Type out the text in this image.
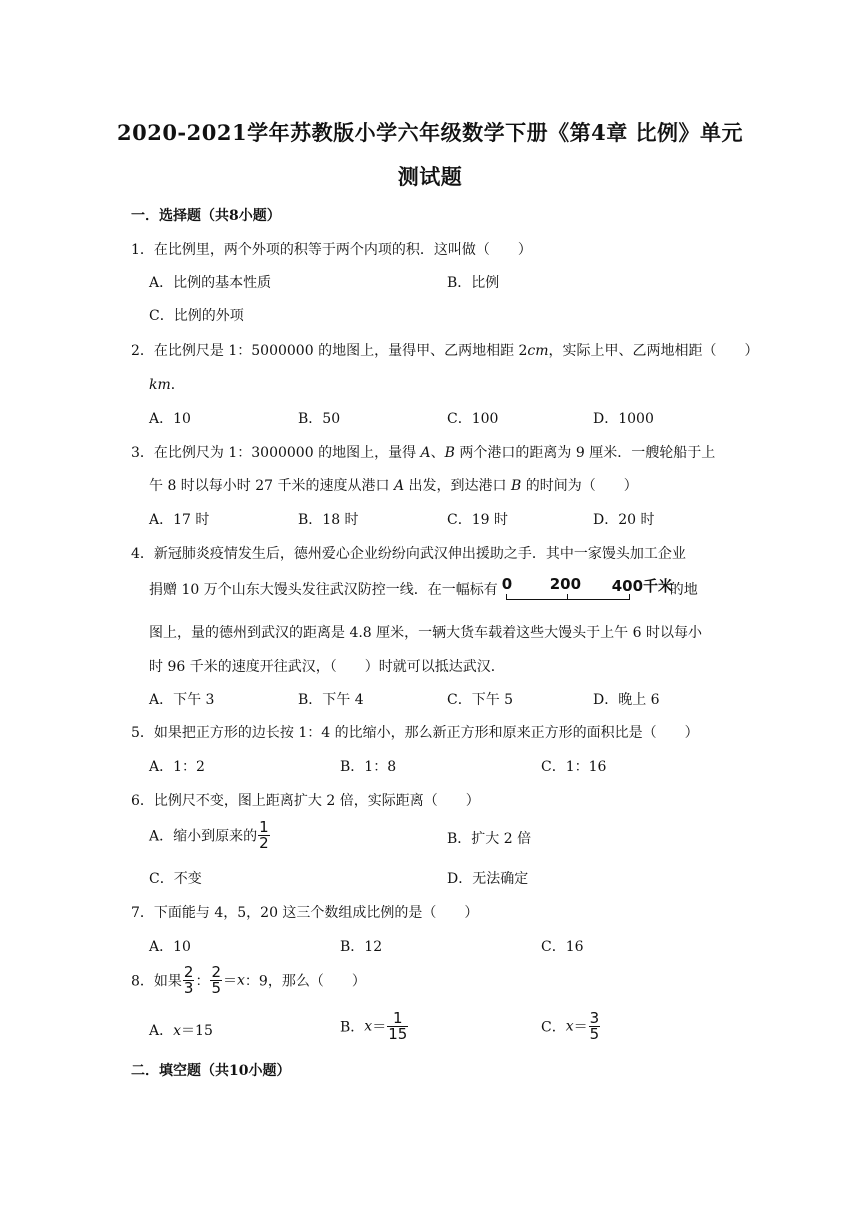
2020-2021学年苏教版小学六年级数学下册《第4章 比例》单元
测试题
一．选择题（共8小题）
1．在比例里，两个外项的积等于两个内项的积．这叫做（　　）
A．比例的基本性质	B．比例
C．比例的外项
2．在比例尺是 1：5000000 的地图上，量得甲、乙两地相距 2cm，实际上甲、乙两地相距（　　）
km．
A．10	B．50	C．100	D．1000
3．在比例尺为 1：3000000 的地图上，量得 A、B 两个港口的距离为 9 厘米．一艘轮船于上
午 8 时以每小时 27 千米的速度从港口 A 出发，到达港口 B 的时间为（　　）
A．17 时	B．18 时	C．19 时	D．20 时
4．新冠肺炎疫情发生后，德州爱心企业纷纷向武汉伸出援助之手．其中一家馒头加工企业
捐赠 10 万个山东大馒头发往武汉防控一线．在一幅标有 0	200 400千米
的地
图上，量的德州到武汉的距离是 4.8 厘米，一辆大货车载着这些大馒头于上午 6 时以每小
时 96 千米的速度开往武汉，（　　）时就可以抵达武汉．
A．下午 3	B．下午 4	C．下午 5	D．晚上 6
5．如果把正方形的边长按 1：4 的比缩小，那么新正方形和原来正方形的面积比是（　　）
A．1：2	B．1：8	C．1：16
6．比例尺不变，图上距离扩大 2 倍，实际距离（　　）
A．缩小到原来的 $\frac{1}{2}$	B．扩大 2 倍
C．不变	D．无法确定
7．下面能与 4，5，20 这三个数组成比例的是（　　）
A．10	B．12	C．16
8．如果 $\frac{2}{3}$ ： $\frac{2}{5} =x$：9，那么（　　）
A．x＝15	B．$x= \frac{1}{15}$	C．$x= \frac{3}{5}$
二．填空题（共10小题）
